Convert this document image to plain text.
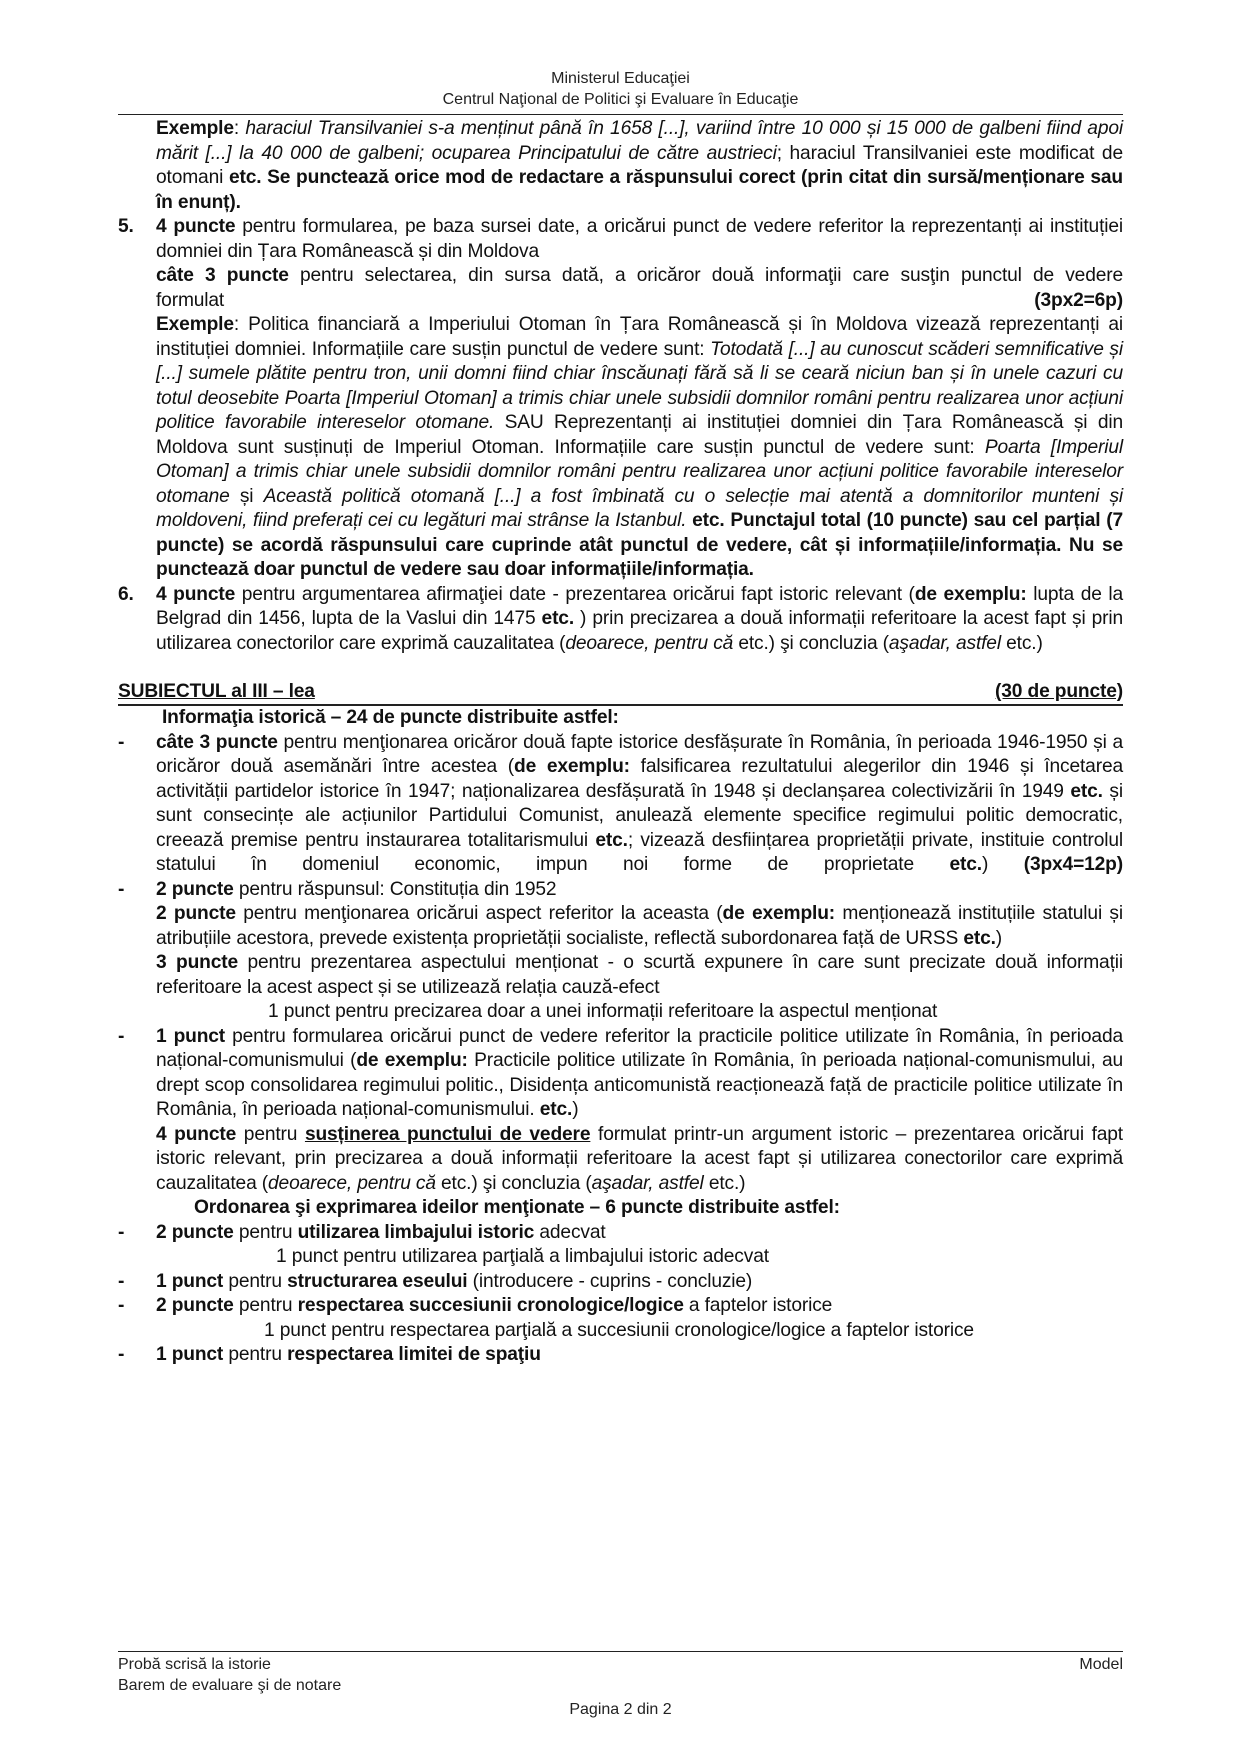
Ministerul Educaţiei
Centrul Naţional de Politici şi Evaluare în Educaţie
Exemple: haraciul Transilvaniei s-a menținut până în 1658 [...], variind între 10 000 și 15 000 de galbeni fiind apoi mărit [...] la 40 000 de galbeni; ocuparea Principatului de către austrieci; haraciul Transilvaniei este modificat de otomani etc. Se punctează orice mod de redactare a răspunsului corect (prin citat din sursă/menționare sau în enunț).
5.	4 puncte pentru formularea, pe baza sursei date, a oricărui punct de vedere referitor la reprezentanți ai instituției domniei din Țara Românească și din Moldova
câte 3 puncte pentru selectarea, din sursa dată, a oricăror două informaţii care susţin punctul de vedere formulat	(3px2=6p)
Exemple: Politica financiară a Imperiului Otoman în Țara Românească și în Moldova vizează reprezentanți ai instituției domniei. Informațiile care susțin punctul de vedere sunt: Totodată [...] au cunoscut scăderi semnificative și [...] sumele plătite pentru tron, unii domni fiind chiar înscăunați fără să li se ceară niciun ban și în unele cazuri cu totul deosebite Poarta [Imperiul Otoman] a trimis chiar unele subsidii domnilor români pentru realizarea unor acțiuni politice favorabile intereselor otomane. SAU Reprezentanți ai instituției domniei din Țara Românească și din Moldova sunt susținuți de Imperiul Otoman. Informațiile care susțin punctul de vedere sunt: Poarta [Imperiul Otoman] a trimis chiar unele subsidii domnilor români pentru realizarea unor acțiuni politice favorabile intereselor otomane și Această politică otomană [...] a fost îmbinată cu o selecție mai atentă a domnitorilor munteni și moldoveni, fiind preferați cei cu legături mai strânse la Istanbul. etc. Punctajul total (10 puncte) sau cel parțial (7 puncte) se acordă răspunsului care cuprinde atât punctul de vedere, cât și informațiile/informația. Nu se punctează doar punctul de vedere sau doar informațiile/informația.
6.	4 puncte pentru argumentarea afirmaţiei date - prezentarea oricărui fapt istoric relevant (de exemplu: lupta de la Belgrad din 1456, lupta de la Vaslui din 1475 etc. ) prin precizarea a două informații referitoare la acest fapt și prin utilizarea conectorilor care exprimă cauzalitatea (deoarece, pentru că etc.) şi concluzia (aşadar, astfel etc.)
SUBIECTUL al III – lea	(30 de puncte)
Informaţia istorică – 24 de puncte distribuite astfel:
-	câte 3 puncte pentru menţionarea oricăror două fapte istorice desfășurate în România, în perioada 1946-1950 și a oricăror două asemănări între acestea (de exemplu: falsificarea rezultatului alegerilor din 1946 și încetarea activității partidelor istorice în 1947; naționalizarea desfășurată în 1948 și declanșarea colectivizării în 1949 etc. și sunt consecințe ale acțiunilor Partidului Comunist, anulează elemente specifice regimului politic democratic, creează premise pentru instaurarea totalitarismului etc.; vizează desființarea proprietății private, instituie controlul statului în domeniul economic, impun noi forme de proprietate etc.) (3px4=12p)
-	2 puncte pentru răspunsul: Constituția din 1952
2 puncte pentru menţionarea oricărui aspect referitor la aceasta (de exemplu: menționează instituțiile statului și atribuțiile acestora, prevede existența proprietății socialiste, reflectă subordonarea față de URSS etc.)
3 puncte pentru prezentarea aspectului menționat - o scurtă expunere în care sunt precizate două informații referitoare la acest aspect și se utilizează relația cauză-efect
1 punct pentru precizarea doar a unei informații referitoare la aspectul menționat
-	1 punct pentru formularea oricărui punct de vedere referitor la practicile politice utilizate în România, în perioada național-comunismului (de exemplu: Practicile politice utilizate în România, în perioada național-comunismului, au drept scop consolidarea regimului politic., Disidența anticomunistă reacționează față de practicile politice utilizate în România, în perioada național-comunismului. etc.)
4 puncte pentru susținerea punctului de vedere formulat printr-un argument istoric – prezentarea oricărui fapt istoric relevant, prin precizarea a două informații referitoare la acest fapt și utilizarea conectorilor care exprimă cauzalitatea (deoarece, pentru că etc.) şi concluzia (aşadar, astfel etc.)
Ordonarea şi exprimarea ideilor menţionate – 6 puncte distribuite astfel:
-	2 puncte pentru utilizarea limbajului istoric adecvat
1 punct pentru utilizarea parţială a limbajului istoric adecvat
-	1 punct pentru structurarea eseului (introducere - cuprins - concluzie)
-	2 puncte pentru respectarea succesiunii cronologice/logice a faptelor istorice
1 punct pentru respectarea parţială a succesiunii cronologice/logice a faptelor istorice
-	1 punct pentru respectarea limitei de spaţiu
Probă scrisă la istorie	Model
Barem de evaluare şi de notare
Pagina 2 din 2
